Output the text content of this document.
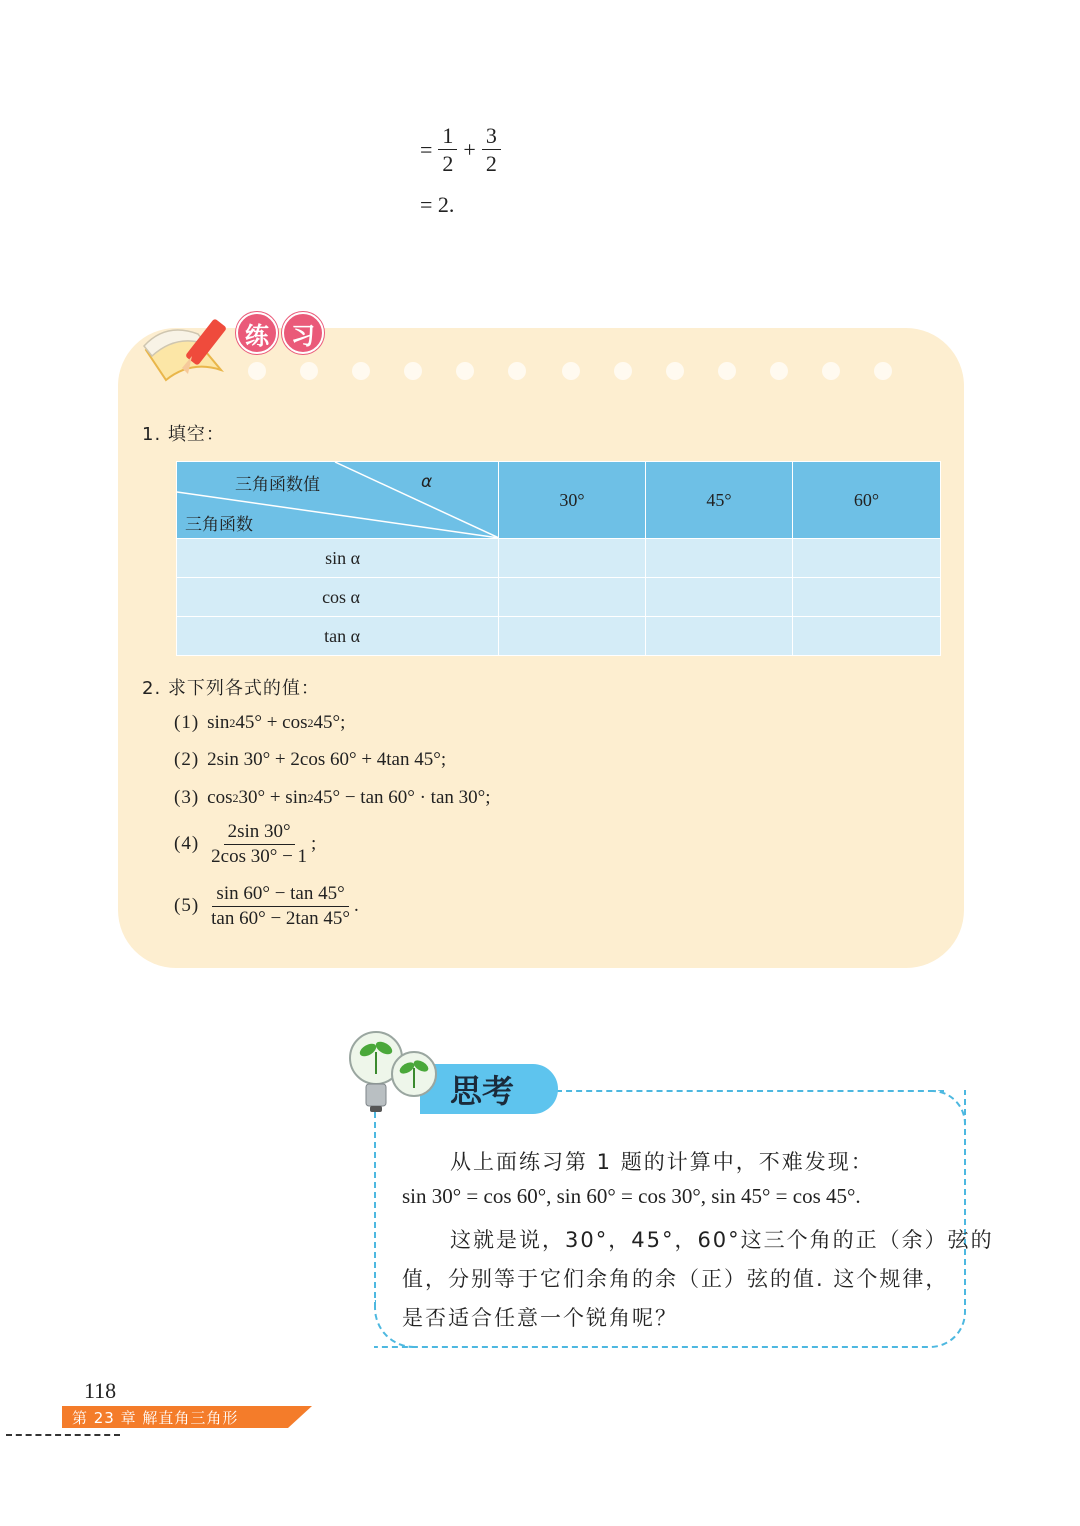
= $\frac{1}{2} + \frac{3}{2}$
= 2.
练 习
1. 填空：
三角函数值 α
三角函数	30°	45°	60°
sin α			
cos α			
tan α			
2. 求下列各式的值：
(1) sin 2 45° + cos 2 45°;
(2) 2sin 30° + 2cos 60° + 4tan 45°;
(3) cos 2 30° + sin 2 45° − tan 60° · tan 30°;
$(4) \frac{2\sin 30^\circ}{2\cos 30^\circ - 1}$ ;
$(5) \frac{\sin 60^\circ - \tan 45^\circ}{\tan 60^\circ - 2\tan 45^\circ}$ .
思考
从上面练习第 1 题的计算中，不难发现：
sin 30° = cos 60°, sin 60° = cos 30°, sin 45° = cos 45°.
这就是说，30°，45°，60°这三个角的正（余）弦的
值，分别等于它们余角的余（正）弦的值. 这个规律，
是否适合任意一个锐角呢？
118
第 23 章 解直角三角形
